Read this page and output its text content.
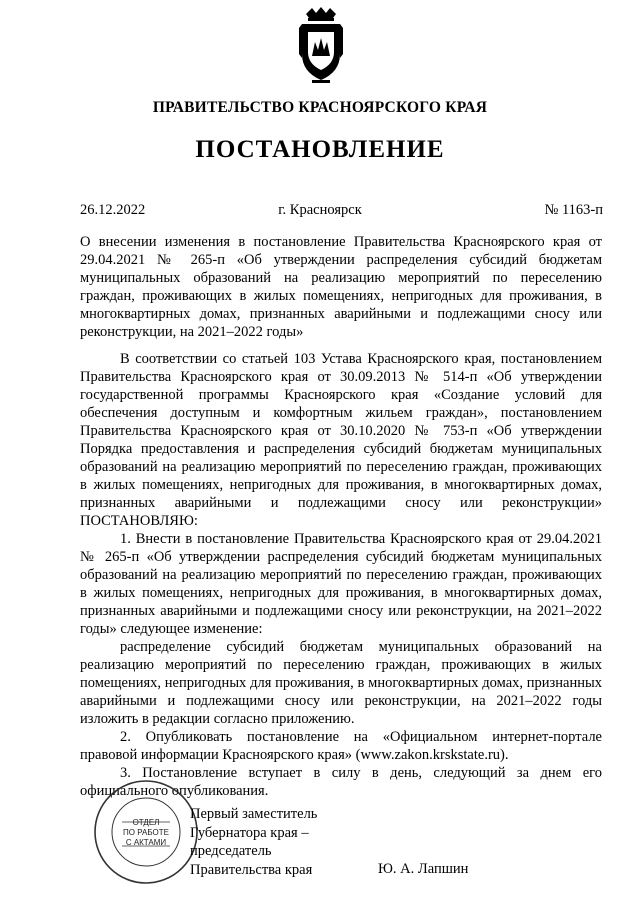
ПРАВИТЕЛЬСТВО КРАСНОЯРСКОГО КРАЯ
ПОСТАНОВЛЕНИЕ
26.12.2022	г. Красноярск	№ 1163-п
О внесении изменения в постановление Правительства Красноярского края от 29.04.2021 № 265-п «Об утверждении распределения субсидий бюджетам муниципальных образований на реализацию мероприятий по переселению граждан, проживающих в жилых помещениях, непригодных для проживания, в многоквартирных домах, признанных аварийными и подлежащими сносу или реконструкции, на 2021–2022 годы»

В соответствии со статьей 103 Устава Красноярского края, постановлением Правительства Красноярского края от 30.09.2013 № 514-п «Об утверждении государственной программы Красноярского края «Создание условий для обеспечения доступным и комфортным жильем граждан», постановлением Правительства Красноярского края от 30.10.2020 № 753-п «Об утверждении Порядка предоставления и распределения субсидий бюджетам муниципальных образований на реализацию мероприятий по переселению граждан, проживающих в жилых помещениях, непригодных для проживания, в многоквартирных домах, признанных аварийными и подлежащими сносу или реконструкции» ПОСТАНОВЛЯЮ:

1. Внести в постановление Правительства Красноярского края от 29.04.2021 № 265-п «Об утверждении распределения субсидий бюджетам муниципальных образований на реализацию мероприятий по переселению граждан, проживающих в жилых помещениях, непригодных для проживания, в многоквартирных домах, признанных аварийными и подлежащими сносу или реконструкции, на 2021–2022 годы» следующее изменение:

распределение субсидий бюджетам муниципальных образований на реализацию мероприятий по переселению граждан, проживающих в жилых помещениях, непригодных для проживания, в многоквартирных домах, признанных аварийными и подлежащими сносу или реконструкции, на 2021–2022 годы изложить в редакции согласно приложению.

2. Опубликовать постановление на «Официальном интернет-портале правовой информации Красноярского края» (www.zakon.krskstate.ru).

3. Постановление вступает в силу в день, следующий за днем его официального опубликования.

ОТДЕЛ
ПО РАБОТЕ
С АКТАМИ
Первый заместитель
Губернатора края –
председатель
Правительства края	Ю. А. Лапшин
